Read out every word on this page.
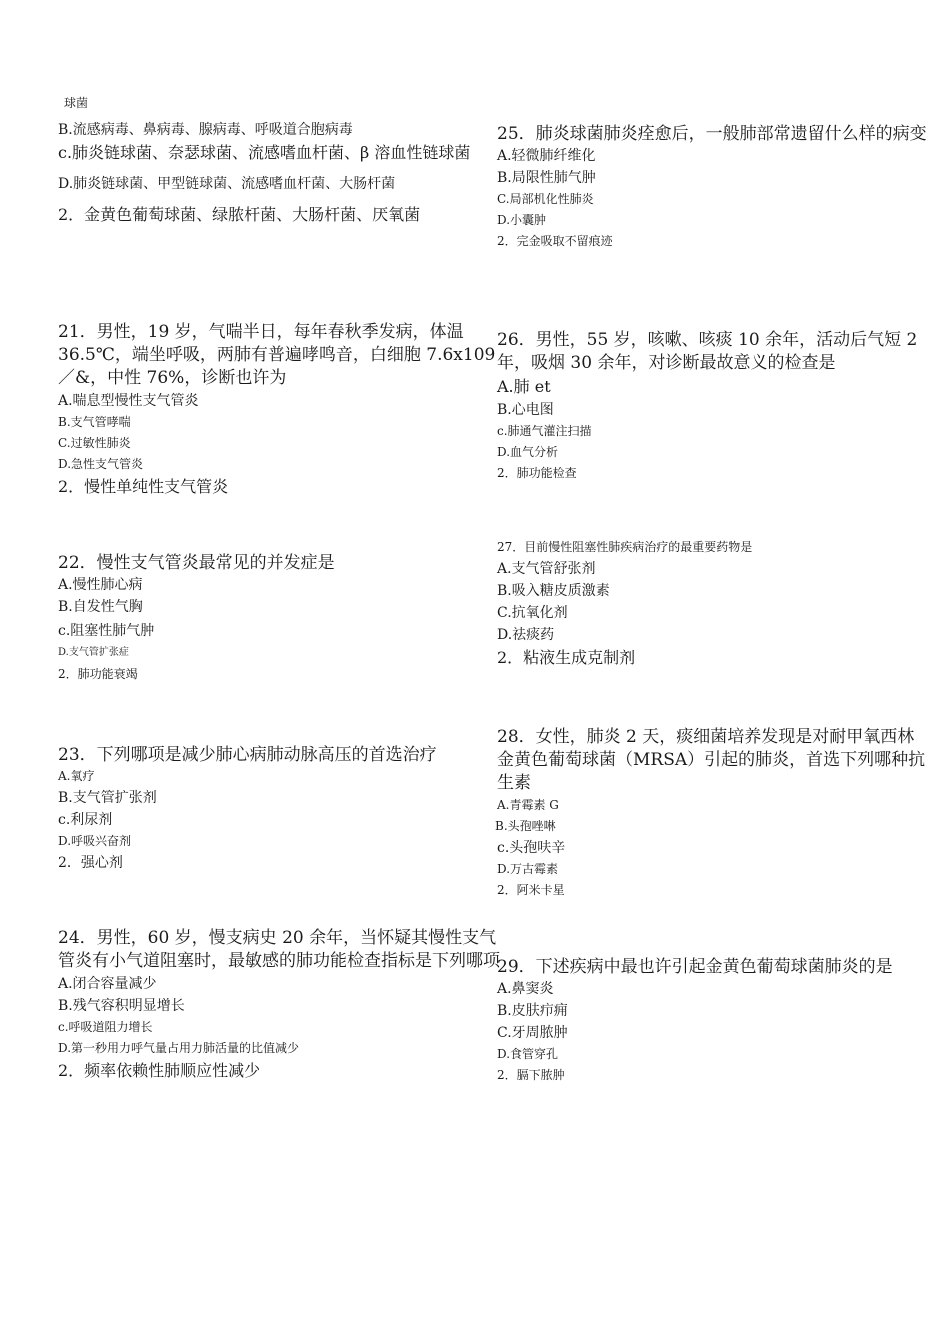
球菌
B.流感病毒、鼻病毒、腺病毒、呼吸道合胞病毒
c.肺炎链球菌、奈瑟球菌、流感嗜血杆菌、β 溶血性链球菌
D.肺炎链球菌、甲型链球菌、流感嗜血杆菌、大肠杆菌
2．金黄色葡萄球菌、绿脓杆菌、大肠杆菌、厌氧菌
21．男性，19 岁，气喘半日，每年春秋季发病，体温 36.5℃，端坐呼吸，两肺有普遍哮鸣音，白细胞 7.6x109／&，中性 76%，诊断也许为
A.喘息型慢性支气管炎
B.支气管哮喘
C.过敏性肺炎
D.急性支气管炎
2．慢性单纯性支气管炎
22．慢性支气管炎最常见的并发症是
A.慢性肺心病
B.自发性气胸
c.阻塞性肺气肿
D.支气管扩张症
2．肺功能衰竭
23．下列哪项是减少肺心病肺动脉高压的首选治疗
A.氧疗
B.支气管扩张剂
c.利尿剂
D.呼吸兴奋剂
2．强心剂
24．男性，60 岁，慢支病史 20 余年，当怀疑其慢性支气管炎有小气道阻塞时，最敏感的肺功能检查指标是下列哪项
A.闭合容量减少
B.残气容积明显增长
c.呼吸道阻力增长
D.第一秒用力呼气量占用力肺活量的比值减少
2．频率依赖性肺顺应性减少
25．肺炎球菌肺炎痊愈后，一般肺部常遗留什么样的病变
A.轻微肺纤维化
B.局限性肺气肿
C.局部机化性肺炎
D.小囊肿
2．完金吸取不留痕迹
26．男性，55 岁，咳嗽、咳痰 10 余年，活动后气短 2 年，吸烟 30 余年，对诊断最故意义的检查是
A.肺 et
B.心电图
c.肺通气灌注扫描
D.血气分析
2．肺功能检查
27．目前慢性阻塞性肺疾病治疗的最重要药物是
A.支气管舒张剂
B.吸入糖皮质激素
C.抗氧化剂
D.祛痰药
2．粘液生成克制剂
28．女性，肺炎 2 天，痰细菌培养发现是对耐甲氧西林金黄色葡萄球菌（MRSA）引起的肺炎，首选下列哪种抗生素
A.青霉素 G
B.头孢唑啉
c.头孢呋辛
D.万古霉素
2．阿米卡星
29．下述疾病中最也许引起金黄色葡萄球菌肺炎的是
A.鼻窦炎
B.皮肤疖痈
C.牙周脓肿
D.食管穿孔
2．膈下脓肿
